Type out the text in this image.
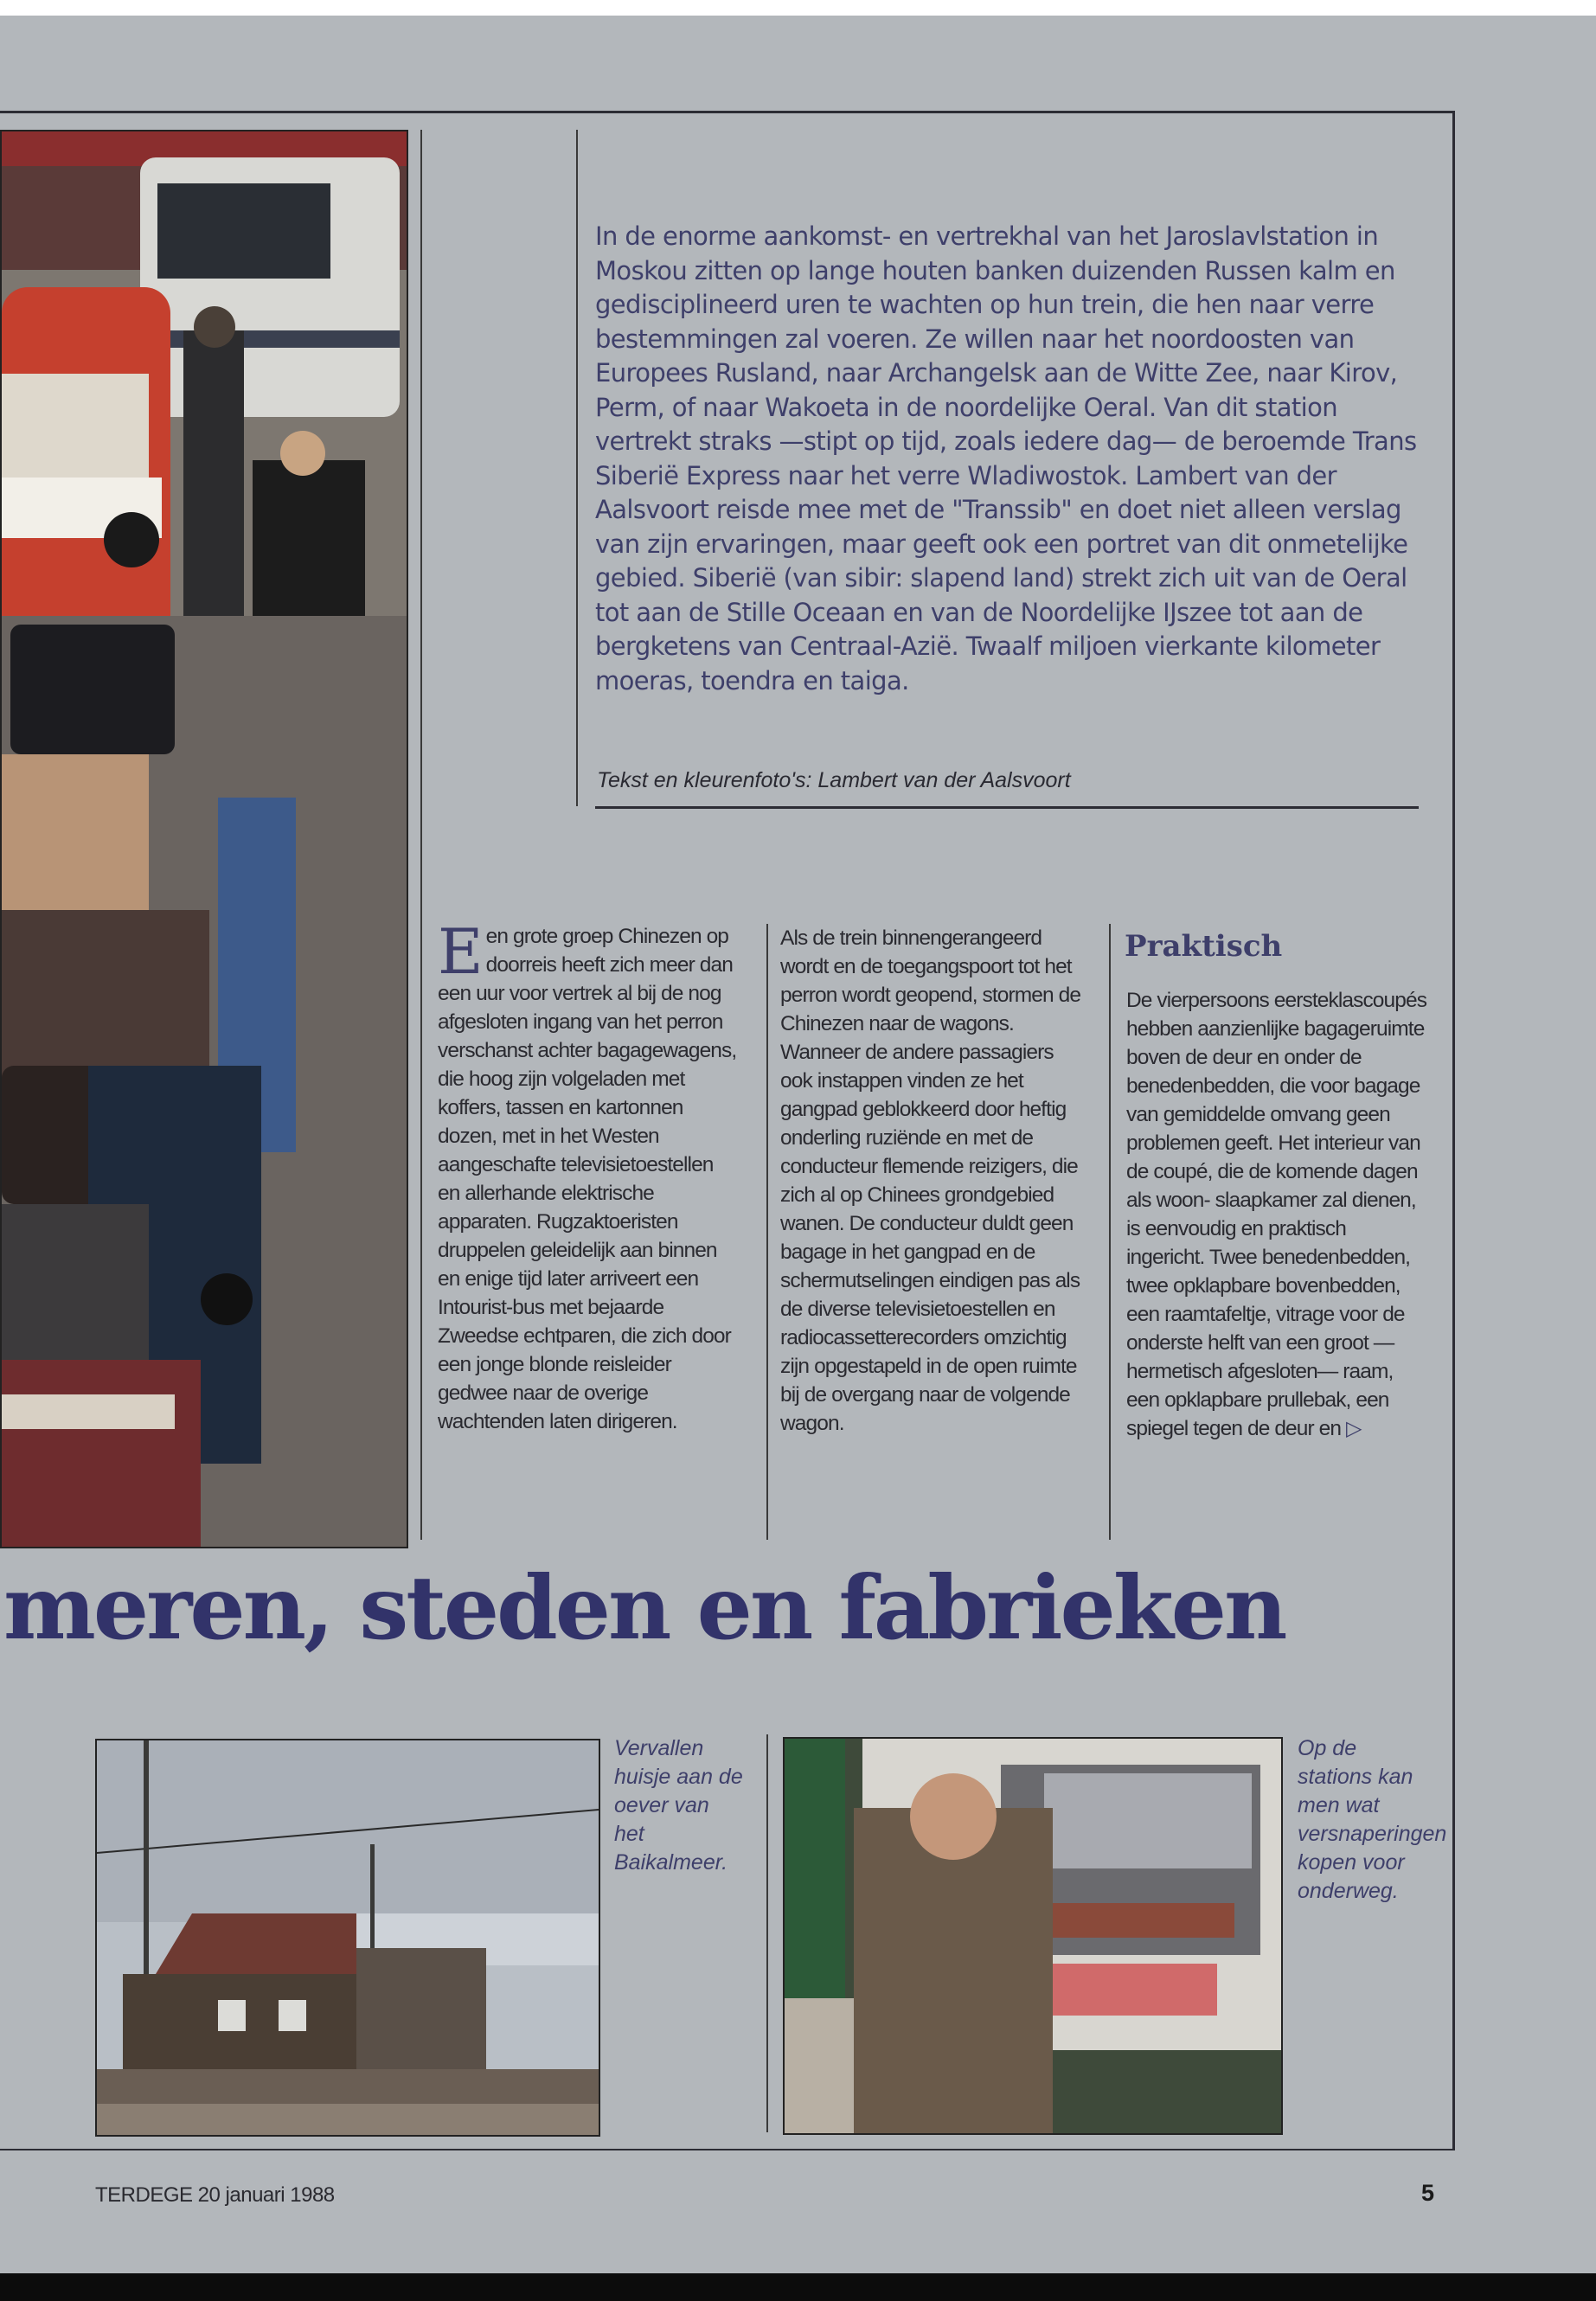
In de enorme aankomst- en vertrekhal van het Jaroslavlstation in Moskou zitten op lange houten banken duizenden Russen kalm en gedisciplineerd uren te wachten op hun trein, die hen naar verre bestemmingen zal voeren. Ze willen naar het noordoosten van Europees Rusland, naar Archangelsk aan de Witte Zee, naar Kirov, Perm, of naar Wakoeta in de noordelijke Oeral. Van dit station vertrekt straks —stipt op tijd, zoals iedere dag— de beroemde Trans Siberië Express naar het verre Wladiwostok. Lambert van der Aalsvoort reisde mee met de "Transsib" en doet niet alleen verslag van zijn ervaringen, maar geeft ook een portret van dit onmetelijke gebied. Siberië (van sibir: slapend land) strekt zich uit van de Oeral tot aan de Stille Oceaan en van de Noordelijke IJszee tot aan de bergketens van Centraal-Azië. Twaalf miljoen vierkante kilometer moeras, toendra en taiga.

Tekst en kleurenfoto's: Lambert van der Aalsvoort

Een grote groep Chinezen op doorreis heeft zich meer dan een uur voor vertrek al bij de nog afgesloten ingang van het perron verschanst achter bagagewagens, die hoog zijn volgeladen met koffers, tassen en kartonnen dozen, met in het Westen aangeschafte televisietoestellen en allerhande elektrische apparaten. Rugzaktoeristen druppelen geleidelijk aan binnen en enige tijd later arriveert een Intourist-bus met bejaarde Zweedse echtparen, die zich door een jonge blonde reisleider gedwee naar de overige wachtenden laten dirigeren.

Als de trein binnengerangeerd wordt en de toegangspoort tot het perron wordt geopend, stormen de Chinezen naar de wagons. Wanneer de andere passagiers ook instappen vinden ze het gangpad geblokkeerd door heftig onderling ruziënde en met de conducteur flemende reizigers, die zich al op Chinees grondgebied wanen. De conducteur duldt geen bagage in het gangpad en de schermutselingen eindigen pas als de diverse televisietoestellen en radiocassetterecorders omzichtig zijn opgestapeld in de open ruimte bij de overgang naar de volgende wagon.

Praktisch

De vierpersoons eersteklascoupés hebben aanzienlijke bagageruimte boven de deur en onder de benedenbedden, die voor bagage van gemiddelde omvang geen problemen geeft. Het interieur van de coupé, die de komende dagen als woon- slaapkamer zal dienen, is eenvoudig en praktisch ingericht. Twee benedenbedden, twee opklapbare bovenbedden, een raamtafeltje, vitrage voor de onderste helft van een groot —hermetisch afgesloten— raam, een opklapbare prullebak, een spiegel tegen de deur en ▷

meren, steden en fabrieken

Vervallen huisje aan de oever van het Baikalmeer.

Op de stations kan men wat versnaperingen kopen voor onderweg.

TERDEGE 20 januari 1988	5
